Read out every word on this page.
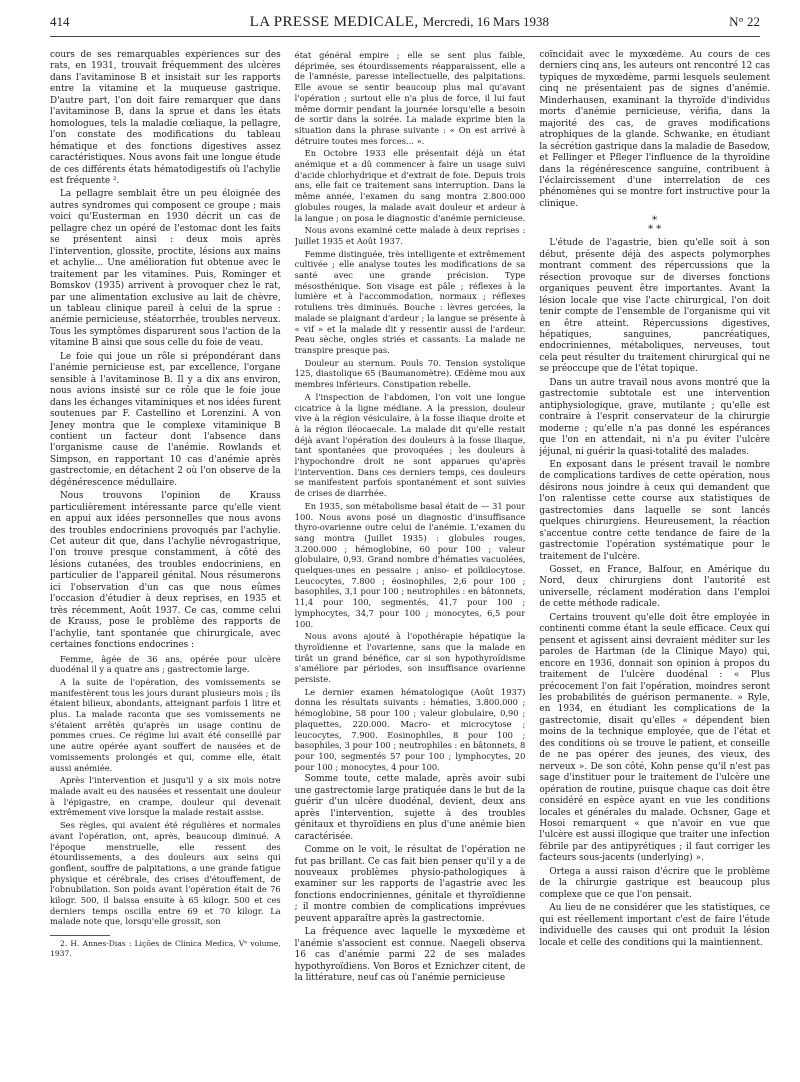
414	LA PRESSE MEDICALE, Mercredi, 16 Mars 1938	N° 22

cours de ses remarquables expériences sur des rats, en 1931, trouvait fréquemment des ulcères dans l'avitaminose B et insistait sur les rapports entre la vitamine et la muqueuse gastrique. D'autre part, l'on doit faire remarquer que dans l'avitaminose B, dans la sprue et dans les états homologues, tels la maladie cœliaque, la pellagre, l'on constate des modifications du tableau hématique et des fonctions digestives assez caractéristiques. Nous avons fait une longue étude de ces différents états hématodigestifs où l'achylie est fréquente ².

La pellagre semblait être un peu éloignée des autres syndromes qui composent ce groupe ; mais voici qu'Eusterman en 1930 décrit un cas de pellagre chez un opéré de l'estomac dont les faits se présentent ainsi : deux mois après l'intervention, glossite, proctite, lésions aux mains et achylie... Une amélioration fut obtenue avec le traitement par les vitamines. Puis, Rominger et Bomskov (1935) arrivent à provoquer chez le rat, par une alimentation exclusive au lait de chèvre, un tableau clinique pareil à celui de la sprue : anémie pernicieuse, stéatorrhée, troubles nerveux. Tous les symptômes disparurent sous l'action de la vitamine B ainsi que sous celle du foie de veau.

Le foie qui joue un rôle si prépondérant dans l'anémie pernicieuse est, par excellence, l'organe sensible à l'avitaminose B. Il y a dix ans environ, nous avions insisté sur ce rôle que le foie joue dans les échanges vitaminiques et nos idées furent soutenues par F. Castellino et Lorenzini. A von Jeney montra que le complexe vitaminique B contient un facteur dont l'absence dans l'organisme cause de l'anémie. Rowlands et Simpson, en rapportant 10 cas d'anémie après gastrectomie, en détachent 2 où l'on observe de la dégénérescence médullaire.

Nous trouvons l'opinion de Krauss particulièrement intéressante parce qu'elle vient en appui aux idées personnelles que nous avons des troubles endocriniens provoqués par l'achylie. Cet auteur dit que, dans l'achylie névrogastrique, l'on trouve presque constamment, à côté des lésions cutanées, des troubles endocriniens, en particulier de l'appareil génital. Nous résumerons ici l'observation d'un cas que nous eûmes l'occasion d'étudier à deux reprises, en 1935 et très récemment, Août 1937. Ce cas, comme celui de Krauss, pose le problème des rapports de l'achylie, tant spontanée que chirurgicale, avec certaines fonctions endocrines :

Femme, âgée de 36 ans, opérée pour ulcère duodénal il y a quatre ans ; gastrectomie large.

A la suite de l'opération, des vomissements se manifestèrent tous les jours durant plusieurs mois ; ils étaient bilieux, abondants, atteignant parfois 1 litre et plus. La malade raconta que ses vomissements ne s'étaient arrêtés qu'après un usage continu de pommes crues. Ce régime lui avait été conseillé par une autre opérée ayant souffert de nausées et de vomissements prolongés et qui, comme elle, était aussi anémiée.

Après l'intervention et jusqu'il y a six mois notre malade avait eu des nausées et ressentait une douleur à l'épigastre, en crampe, douleur qui devenait extrêmement vive lorsque la malade restait assise.

Ses règles, qui avaient été régulières et normales avant l'opération, ont, après, beaucoup diminué. A l'époque menstruelle, elle ressent des étourdissements, a des douleurs aux seins qui gonflent, souffre de palpitations, a une grande fatigue physique et cérébrale, des crises d'étouffement, de l'obnubilation. Son poids avant l'opération était de 76 kilogr. 500, il baissa ensuite à 65 kilogr. 500 et ces derniers temps oscilla entre 69 et 70 kilogr. La malade note que, lorsqu'elle grossit, son

2. H. Annes-Dias : Lições de Clínica Medica, Vᵉ volume, 1937.

état général empire ; elle se sent plus faible, déprimée, ses étourdissements réapparaissent, elle a de l'amnésie, paresse intellectuelle, des palpitations. Elle avoue se sentir beaucoup plus mal qu'avant l'opération ; surtout elle n'a plus de force, il lui faut même dormir pendant la journée lorsqu'elle a besoin de sortir dans la soirée. La malade exprime bien la situation dans la phrase suivante : « On est arrivé à détruire toutes mes forces... ».

En Octobre 1933 elle présentait déjà un état anémique et a dû commencer à faire un usage suivi d'acide chlorhydrique et d'extrait de foie. Depuis trois ans, elle fait ce traitement sans interruption. Dans la même année, l'examen du sang montra 2.800.000 globules rouges, la malade avait douleur et ardeur à la langue ; on posa le diagnostic d'anémie pernicieuse.

Nous avons examiné cette malade à deux reprises : Juillet 1935 et Août 1937.

Femme distinguée, très intelligente et extrêmement cultivée ; elle analyse toutes les modifications de sa santé avec une grande précision. Type mésosthénique. Son visage est pâle ; réflexes à la lumière et à l'accommodation, normaux ; réflexes rotuliens très diminués. Bouche : lèvres gercées, la malade se plaignant d'ardeur ; la langue se présente à « vif » et la malade dit y ressentir aussi de l'ardeur. Peau sèche, ongles striés et cassants. La malade ne transpire presque pas.

Douleur au sternum. Pouls 70. Tension systolique 125, diastolique 65 (Baumanomètre). Œdème mou aux membres inférieurs. Constipation rebelle.

A l'inspection de l'abdomen, l'on voit une longue cicatrice à la ligne médiane. A la pression, douleur vive à la région vésiculaire, à la fosse iliaque droite et à la région iléocaecale. La malade dit qu'elle restait déjà avant l'opération des douleurs à la fosse iliaque, tant spontanées que provoquées ; les douleurs à l'hypochondre droit ne sont apparues qu'après l'intervention. Dans ces derniers temps, ces douleurs se manifestent parfois spontanément et sont suivies de crises de diarrhée.

En 1935, son métabolisme basal était de — 31 pour 100. Nous avons posé un diagnostic d'insuffisance thyro-ovarienne outre celui de l'anémie. L'examen du sang montra (Juillet 1935) : globules rouges, 3.200.000 ; hémoglobine, 60 pour 100 ; valeur globulaire, 0,93. Grand nombre d'hématies vacuolées, quelques-unes en pessaire ; aniso- et poïkilocytose. Leucocytes, 7.800 ; éosinophiles, 2,6 pour 100 ; basophiles, 3,1 pour 100 ; neutrophiles : en bâtonnets, 11,4 pour 100, segmentés, 41,7 pour 100 ; lymphocytes, 34,7 pour 100 ; monocytes, 6,5 pour 100.

Nous avons ajouté à l'opothérapie hépatique la thyroïdienne et l'ovarienne, sans que la malade en tirât un grand bénéfice, car si son hypothyroïdisme s'améliore par périodes, son insuffisance ovarienne persiste.

Le dernier examen hématologique (Août 1937) donna les résultats suivants : hématies, 3.800.000 ; hémoglobine, 58 pour 100 ; valeur globulaire, 0,90 ; plaquettes, 220.000. Macro- et microcytose ; leucocytes, 7.900. Eosinophiles, 8 pour 100 ; basophiles, 3 pour 100 ; neutrophiles : en bâtonnets, 8 pour 100, segmentés 57 pour 100 ; lymphocytes, 20 pour 100 ; monocytes, 4 pour 100.

Somme toute, cette malade, après avoir subi une gastrectomie large pratiquée dans le but de la guérir d'un ulcère duodénal, devient, deux ans après l'intervention, sujette à des troubles génitaux et thyroïdiens en plus d'une anémie bien caractérisée.

Comme on le voit, le résultat de l'opération ne fut pas brillant. Ce cas fait bien penser qu'il y a de nouveaux problèmes physio-pathologiques à examiner sur les rapports de l'agastrie avec les fonctions endocriniennes, génitale et thyroïdienne ; il montre combien de complications imprévues peuvent apparaître après la gastrectomie.

La fréquence avec laquelle le myxœdème et l'anémie s'associent est connue. Naegeli observa 16 cas d'anémie parmi 22 de ses malades hypothyroïdiens. Von Boros et Eznichzer citent, de la littérature, neuf cas où l'anémie pernicieuse

coïncidait avec le myxœdème. Au cours de ces derniers cinq ans, les auteurs ont rencontré 12 cas typiques de myxœdème, parmi lesquels seulement cinq ne présentaient pas de signes d'anémie. Minderhausen, examinant la thyroïde d'individus morts d'anémie pernicieuse, vérifia, dans la majorité des cas, de graves modifications atrophiques de la glande. Schwanke, en étudiant la sécrétion gastrique dans la maladie de Basedow, et Fellinger et Pfleger l'influence de la thyroïdine dans la régénérescence sanguine, contribuent à l'éclaircissement d'une interrelation de ces phénomènes qui se montre fort instructive pour la clinique.

*
* *

L'étude de l'agastrie, bien qu'elle soit à son début, présente déjà des aspects polymorphes montrant comment des répercussions que la résection provoque sur de diverses fonctions organiques peuvent être importantes. Avant la lésion locale que vise l'acte chirurgical, l'on doit tenir compte de l'ensemble de l'organisme qui vit en être atteint. Répercussions digestives, hépatiques, sanguines, pancréatiques, endocriniennes, métaboliques, nerveuses, tout cela peut résulter du traitement chirurgical qui ne se préoccupe que de l'état topique.

Dans un autre travail nous avons montré que la gastrectomie subtotale est une intervention antiphysiologique, grave, mutilante ; qu'elle est contraire à l'esprit conservateur de la chirurgie moderne ; qu'elle n'a pas donné les espérances que l'on en attendait, ni n'a pu éviter l'ulcère jéjunal, ni guérir la quasi-totalité des malades.

En exposant dans le présent travail le nombre de complications tardives de cette opération, nous désirons nous joindre à ceux qui demandent que l'on ralentisse cette course aux statistiques de gastrectomies dans laquelle se sont lancés quelques chirurgiens. Heureusement, la réaction s'accentue contre cette tendance de faire de la gastrectomie l'opération systématique pour le traitement de l'ulcère.

Gosset, en France, Balfour, en Amérique du Nord, deux chirurgiens dont l'autorité est universelle, réclament modération dans l'emploi de cette méthode radicale.

Certains trouvent qu'elle doit être employée in continenti comme étant la seule efficace. Ceux qui pensent et agissent ainsi devraient méditer sur les paroles de Hartman (de la Clinique Mayo) qui, encore en 1936, donnait son opinion à propos du traitement de l'ulcère duodénal : « Plus précocement l'on fait l'opération, moindres seront les probabilités de guérison permanente. » Ryle, en 1934, en étudiant les complications de la gastrectomie, disait qu'elles « dépendent bien moins de la technique employée, que de l'état et des conditions où se trouve le patient, et conseille de ne pas opérer des jeunes, des vieux, des nerveux ». De son côté, Kohn pense qu'il n'est pas sage d'instituer pour le traitement de l'ulcère une opération de routine, puisque chaque cas doit être considéré en espèce ayant en vue les conditions locales et générales du malade. Ochsner, Gage et Hosoi remarquent « que n'avoir en vue que l'ulcère est aussi illogique que traiter une infection fébrile par des antipyrétiques ; il faut corriger les facteurs sous-jacents (underlying) ».

Ortega a aussi raison d'écrire que le problème de la chirurgie gastrique est beaucoup plus complexe que ce que l'on pensait.

Au lieu de ne considérer que les statistiques, ce qui est réellement important c'est de faire l'étude individuelle des causes qui ont produit la lésion locale et celle des conditions qui la maintiennent.
